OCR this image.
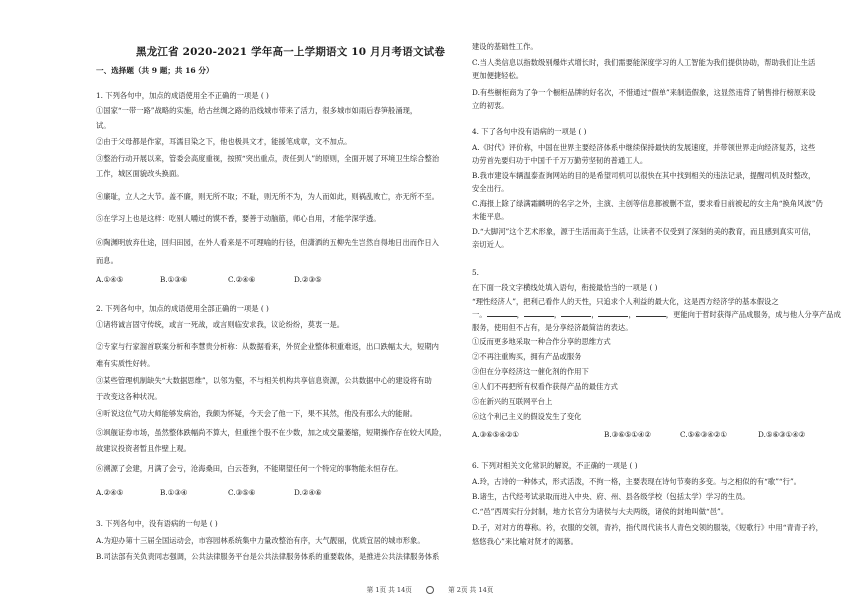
黑龙江省 2020-2021 学年高一上学期语文 10 月月考语文试卷
一、选择题（共 9 题；共 16 分）
1. 下列各句中，加点的成语使用全不正确的一项是 ( )
①国家“一带一路”战略的实施，给古丝绸之路的沿线城市带来了活力，很多城市如雨后春笋般涌现，
试。
②由于父母都是作家，耳濡目染之下，他也极具文才，能援笔成章，文不加点。
③整治行动开展以来，管委会高度重视，按照“突出重点，责任到人”的原则，全面开展了环境卫生综合整治
工作，城区面貌改头换面。
④廉耻，立人之大节。盖不廉，则无所不取；不耻，则无所不为，为人而如此，则祸乱败亡，亦无所不至。
⑤在学习上也是这样：吃别人嚼过的馍不香，要善于动脑筋，师心自用，才能学深学透。
⑥陶渊明放弃仕途，回归田园，在外人看来是不可理喻的行径，但潇洒的五柳先生岂然自得地日出而作日入
而息。
A.①④⑤	B.①③⑥	C.②④⑥	D.②③⑤
2. 下列各句中，加点的成语使用全部正确的一项是 ( )
①诸将诚言固守传统，或言一死战，或言则临安求我，议论纷纷，莫衷一是。
②专家与行家溜首联案分析和李慧贵分析称：从数据看来，外贸企业整体积重难返，出口跌幅太大，短期内
难有实质性好转。
③某些管理机制缺失“大数据思维”，以邻为壑，不与相关机构共享信息资源，公共数据中心的建设将有助
于改变这各种状况。
④听说这位气功大师能够发病治，我颇为怀疑，今天会了他一下，果不其然，他没有那么大的能耐。
⑤飒舰证券市场，虽然整体跌幅尚不算大，但重挫个股不在少数，加之成交量萎缩，短期操作存在较大风险，
故建议投资者暂且作壁上观。
⑥溯源了会建，月满了会亏，沧海桑田，白云苍狗，不能期望任何一个特定的事物能永恒存在。
A.②④⑤	B.①③④	C.③⑤⑥	D.②④⑥
3. 下列各句中，没有语病的一句是 ( )
A.为迎办第十三届全国运动会，市容园林系统集中力量改整治有序，大气靓丽，优质宜居的城市形象。
B.司法部有关负责同志强调，公共法律服务平台是公共法律服务体系的重要载体，是推进公共法律服务体系
建设的基础性工作。
C.当人类信息以指数级别爆炸式增长时，我们需要能深度学习的人工智能为我们提供协助，帮助我们让生活
更加便捷轻松。
D.有些橱柜商为了争一个橱柜品牌的好名次，不惜通过“假单”来制造假象，这显然违背了销售排行榜原来设
立的初衷。
4. 下了各句中没有语病的一项是 ( )
A.《时代》评价称，中国在世界主要经济体系中继续保持最快的发展速度，并带领世界走向经济复苏，这些
功劳首先要归功于中国千千万万勤劳坚韧的普通工人。
B.我市建设车辆温泰查询网站的目的是希望司机可以很快在其中找到相关的违法记录，提醒司机及时整改，
安全出行。
C.海报上除了绿满霜麟明的名字之外，主演、主创等信息都被删不宣，要求看日前被起的女主角“换角风波”仍
未能平息。
D.“大脚河”这个艺术形象，源于生活而高于生活，让读者不仅受到了深刻的美的教育，而且感到真实可信，
亲切近人。
5.
在下面一段文字横线处填入语句，衔接最恰当的一项是 ( )
“理性经济人”，把利己看作人的天性，只追求个人利益的最大化，这是西方经济学的基本假设之
一。	，	，	，	，	，更能向于哲时获得产品成服务，成与他人分享产品成
服务，使用但不占有，是分享经济最简洁的表达。
①反而更多地采取一种合作分享的思维方式
②不再注重购买，拥有产品或服务
③但在分享经济这一催化剂的作用下
④人们不再把所有权看作获得产品的最佳方式
⑤在新兴的互联网平台上
⑥这个利己主义的假设发生了变化
A.③⑥⑤④②①	B.③⑥⑤①④②	C.⑤⑥③④②①	D.⑤⑥③①④②
6. 下列对相关文化常识的解说，不正确的一项是 ( )
A.玲，古诗的一种体式，形式活泼，不拘一格，主要表现在诗句节奏的多变。与之相似的有“歌”“行”。
B.诸生，古代经考试录取而进入中央、府、州、县各级学校（包括太学）学习的生员。
C.“邑”西周实行分封制，地方长官分为诸侯与大夫两级，诸侯的封地叫做“邑”。
D.子，对对方的尊称。衿，衣服的交领，青衿，指代周代读书人青色交领的服装，《短歌行》中用“青青子衿，
悠悠我心”来比喻对贤才的渴慕。
第 1页 共 14页	第 2页 共 14页
